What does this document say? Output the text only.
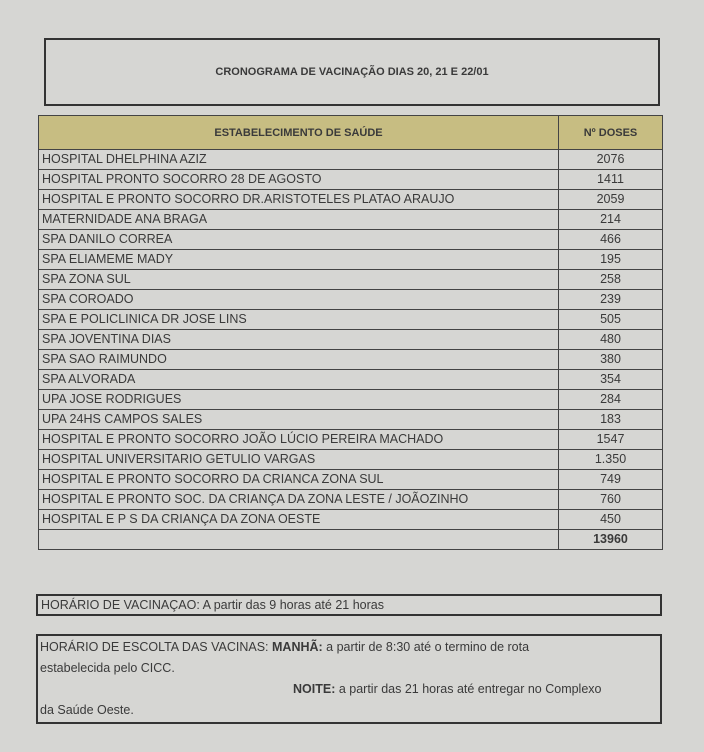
CRONOGRAMA DE VACINAÇÃO DIAS 20, 21 E 22/01
ESTABELECIMENTO DE SAÚDE	Nº DOSES
HOSPITAL DHELPHINA AZIZ	2076
HOSPITAL PRONTO SOCORRO 28 DE AGOSTO	1411
HOSPITAL E PRONTO SOCORRO DR.ARISTOTELES PLATAO ARAUJO	2059
MATERNIDADE ANA BRAGA	214
SPA DANILO CORREA	466
SPA ELIAMEME MADY	195
SPA ZONA SUL	258
SPA COROADO	239
SPA E POLICLINICA DR JOSE LINS	505
SPA JOVENTINA DIAS	480
SPA SAO RAIMUNDO	380
SPA ALVORADA	354
UPA JOSE RODRIGUES	284
UPA 24HS CAMPOS SALES	183
HOSPITAL E PRONTO SOCORRO JOÃO LÚCIO PEREIRA MACHADO	1547
HOSPITAL UNIVERSITARIO GETULIO VARGAS	1.350
HOSPITAL E PRONTO SOCORRO DA CRIANCA ZONA SUL	749
HOSPITAL E PRONTO SOC. DA CRIANÇA DA ZONA LESTE / JOÃOZINHO	760
HOSPITAL E P S DA CRIANÇA DA ZONA OESTE	450
	13960
HORÁRIO DE VACINAÇAO: A partir das 9 horas até 21 horas
HORÁRIO DE ESCOLTA DAS VACINAS: MANHÃ: a partir de 8:30 até o termino de rota
estabelecida pelo CICC.
NOITE: a partir das 21 horas até entregar no Complexo
da Saúde Oeste.
